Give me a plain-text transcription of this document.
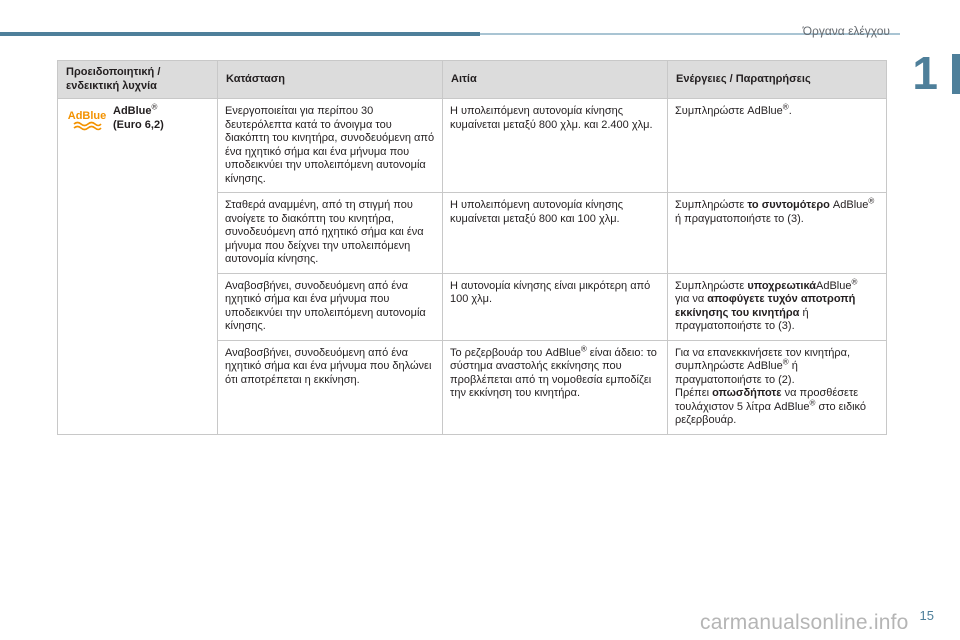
Όργανα ελέγχου
1
Προειδοποιητική / ενδεικτική λυχνία	Κατάσταση	Αιτία	Ενέργειες / Παρατηρήσεις

AdBlue AdBlue®
(Euro 6,2)	Ενεργοποιείται για περίπου 30 δευτερόλεπτα κατά το άνοιγμα του διακόπτη του κινητήρα, συνοδευόμενη από ένα ηχητικό σήμα και ένα μήνυμα που υποδεικνύει την υπολειπόμενη αυτονομία κίνησης.	Η υπολειπόμενη αυτονομία κίνησης κυμαίνεται μεταξύ 800 χλμ. και 2.400 χλμ.	Συμπληρώστε AdBlue®.
	Σταθερά αναμμένη, από τη στιγμή που ανοίγετε το διακόπτη του κινητήρα, συνοδευόμενη από ηχητικό σήμα και ένα μήνυμα που δείχνει την υπολειπόμενη αυτονομία κίνησης.	Η υπολειπόμενη αυτονομία κίνησης κυμαίνεται μεταξύ 800 και 100 χλμ.	Συμπληρώστε το συντομότερο AdBlue®
ή πραγματοποιήστε το (3).
	Αναβοσβήνει, συνοδευόμενη από ένα ηχητικό σήμα και ένα μήνυμα που υποδεικνύει την υπολειπόμενη αυτονομία κίνησης.	Η αυτονομία κίνησης είναι μικρότερη από 100 χλμ.	Συμπληρώστε υποχρεωτικάAdBlue®
για να αποφύγετε τυχόν αποτροπή εκκίνησης του κινητήρα ή πραγματοποιήστε το (3).
	Αναβοσβήνει, συνοδευόμενη από ένα ηχητικό σήμα και ένα μήνυμα που δηλώνει ότι αποτρέπεται η εκκίνηση.	Το ρεζερβουάρ του AdBlue® είναι άδειο: το σύστημα αναστολής εκκίνησης που προβλέπεται από τη νομοθεσία εμποδίζει την εκκίνηση του κινητήρα.	Για να επανεκκινήσετε τον κινητήρα, συμπληρώστε AdBlue® ή πραγματοποιήστε το (2).
Πρέπει οπωσδήποτε να προσθέσετε τουλάχιστον 5 λίτρα AdBlue® στο ειδικό ρεζερβουάρ.
carmanualsonline.info 15
